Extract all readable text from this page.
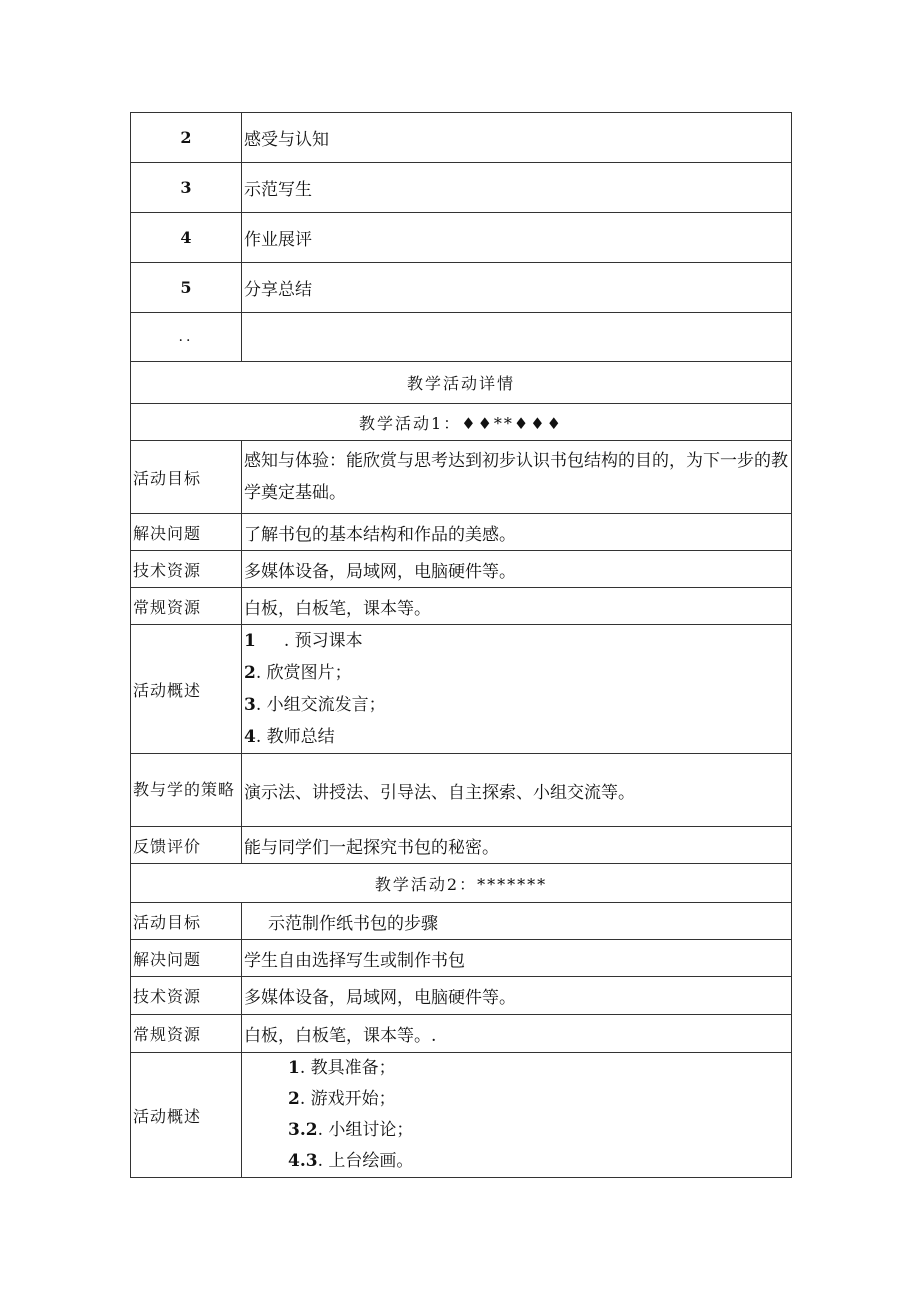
2	感受与认知
3	示范写生
4	作业展评
5	分享总结
..	
教学活动详情	
教学活动1：♦♦**♦♦♦	
活动目标	感知与体验：能欣赏与思考达到初步认识书包结构的目的，为下一步的教学奠定基础。
解决问题	了解书包的基本结构和作品的美感。
技术资源	多媒体设备，局域网，电脑硬件等。
常规资源	白板，白板笔，课本等。
活动概述	1 . 预习课本
2. 欣赏图片；
3. 小组交流发言；
4. 教师总结

教与学的策略	演示法、讲授法、引导法、自主探索、小组交流等。
反馈评价	能与同学们一起探究书包的秘密。
教学活动2：*******	
活动目标	示范制作纸书包的步骤
解决问题	学生自由选择写生或制作书包
技术资源	多媒体设备，局域网，电脑硬件等。
常规资源	白板，白板笔，课本等。.
活动概述	1. 教具准备；
2. 游戏开始；
3.2. 小组讨论；
4.3. 上台绘画。
